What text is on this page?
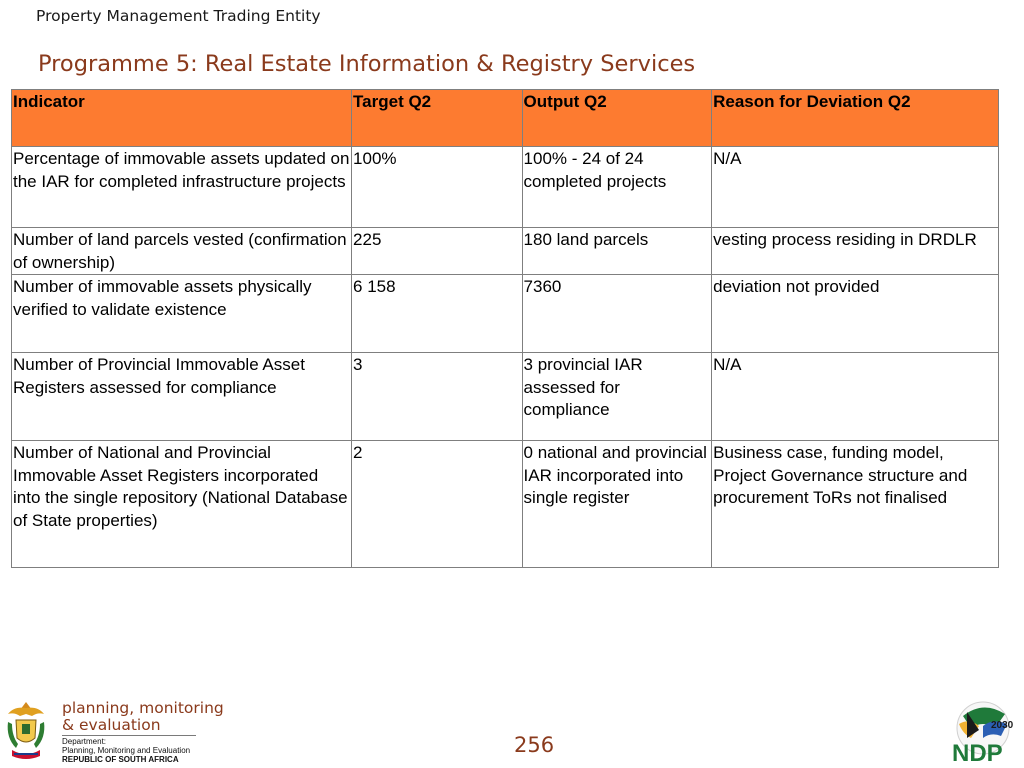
Property Management Trading Entity
Programme 5: Real Estate Information & Registry Services
Indicator	Target Q2	Output Q2	Reason for Deviation Q2
Percentage of immovable assets updated on the IAR for completed infrastructure projects	100%	100% - 24 of 24 completed projects	N/A
Number of land parcels vested (confirmation of ownership)	225	180 land parcels	vesting process residing in DRDLR
Number of immovable assets physically verified to validate existence	6 158	7360	deviation not provided
Number of Provincial Immovable Asset Registers assessed for compliance	3	3 provincial IAR assessed for compliance	N/A
Number of National and Provincial Immovable Asset Registers incorporated into the single repository (National Database of State properties)	2	0 national and provincial IAR incorporated into single register	Business case, funding model, Project Governance structure and procurement ToRs not finalised
planning, monitoring
& evaluation
Department:
Planning, Monitoring and Evaluation
REPUBLIC OF SOUTH AFRICA
256
2030
NDP
